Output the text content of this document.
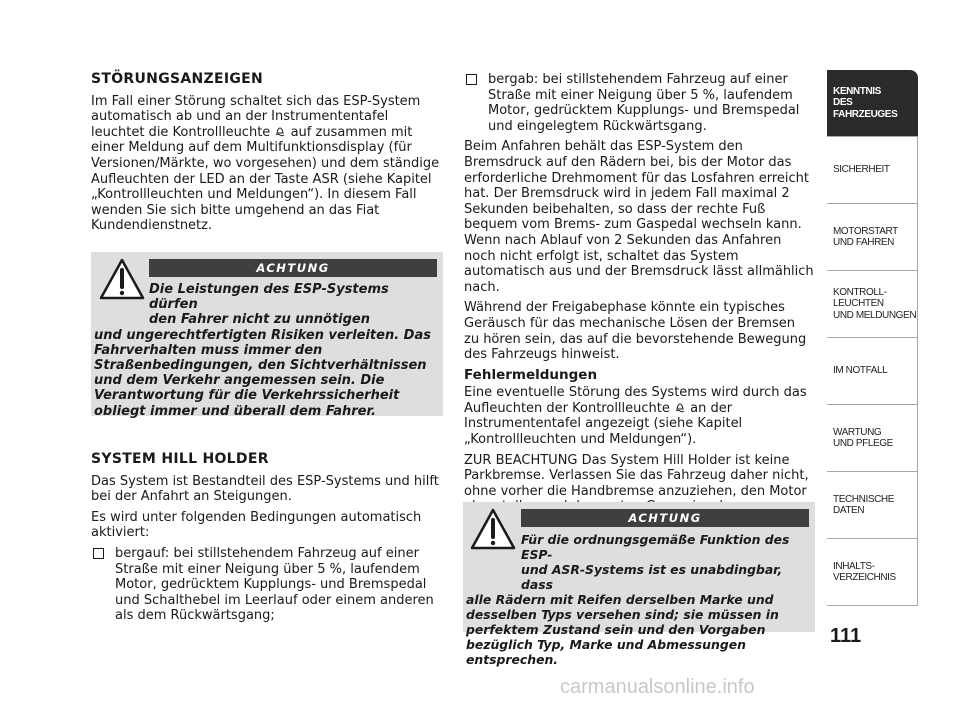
STÖRUNGSANZEIGEN

Im Fall einer Störung schaltet sich das ESP-System automatisch ab und an der Instrumententafel leuchtet die Kontrollleuchte auf zusammen mit einer Meldung auf dem Multifunktionsdisplay (für Versionen/Märkte, wo vorgesehen) und dem ständige Aufleuchten der LED an der Taste ASR (siehe Kapitel „Kontrollleuchten und Meldungen“). In diesem Fall wenden Sie sich bitte umgehend an das Fiat Kundendienstnetz.

ACHTUNG
Die Leistungen des ESP-Systems dürfen
den Fahrer nicht zu unnötigen
und ungerechtfertigten Risiken verleiten. Das Fahrverhalten muss immer den Straßenbedingungen, den Sichtverhältnissen und dem Verkehr angemessen sein. Die Verantwortung für die Verkehrssicherheit obliegt immer und überall dem Fahrer.
SYSTEM HILL HOLDER

Das System ist Bestandteil des ESP-Systems und hilft bei der Anfahrt an Steigungen.

Es wird unter folgenden Bedingungen automatisch aktiviert:

bergauf: bei stillstehendem Fahrzeug auf einer Straße mit einer Neigung über 5 %, laufendem Motor, gedrücktem Kupplungs- und Bremspedal und Schalthebel im Leerlauf oder einem anderen als dem Rückwärtsgang;
bergab: bei stillstehendem Fahrzeug auf einer Straße mit einer Neigung über 5 %, laufendem Motor, gedrücktem Kupplungs- und Bremspedal und eingelegtem Rückwärtsgang.

Beim Anfahren behält das ESP-System den Bremsdruck auf den Rädern bei, bis der Motor das erforderliche Drehmoment für das Losfahren erreicht hat. Der Bremsdruck wird in jedem Fall maximal 2 Sekunden beibehalten, so dass der rechte Fuß bequem vom Brems- zum Gaspedal wechseln kann. Wenn nach Ablauf von 2 Sekunden das Anfahren noch nicht erfolgt ist, schaltet das System automatisch aus und der Bremsdruck lässt allmählich nach.

Während der Freigabephase könnte ein typisches Geräusch für das mechanische Lösen der Bremsen zu hören sein, das auf die bevorstehende Bewegung des Fahrzeugs hinweist.

Fehlermeldungen

Eine eventuelle Störung des Systems wird durch das Aufleuchten der Kontrollleuchte an der Instrumententafel angezeigt (siehe Kapitel „Kontrollleuchten und Meldungen“).

ZUR BEACHTUNG Das System Hill Holder ist keine Parkbremse. Verlassen Sie das Fahrzeug daher nicht, ohne vorher die Handbremse anzuziehen, den Motor

ACHTUNG
Für die ordnungsgemäße Funktion des ESP-
und ASR-Systems ist es unabdingbar, dass
alle Rädern mit Reifen derselben Marke und desselben Typs versehen sind; sie müssen in perfektem Zustand sein und den Vorgaben bezüglich Typ, Marke und Abmessungen entsprechen.
KENNTNIS
DES FAHRZEUGES
SICHERHEIT
MOTORSTART
UND FAHREN
KONTROLL-
LEUCHTEN
UND MELDUNGEN
IM NOTFALL
WARTUNG
UND PFLEGE
TECHNISCHE
DATEN
INHALTS-
VERZEICHNIS
111
carmanualsonline.info
